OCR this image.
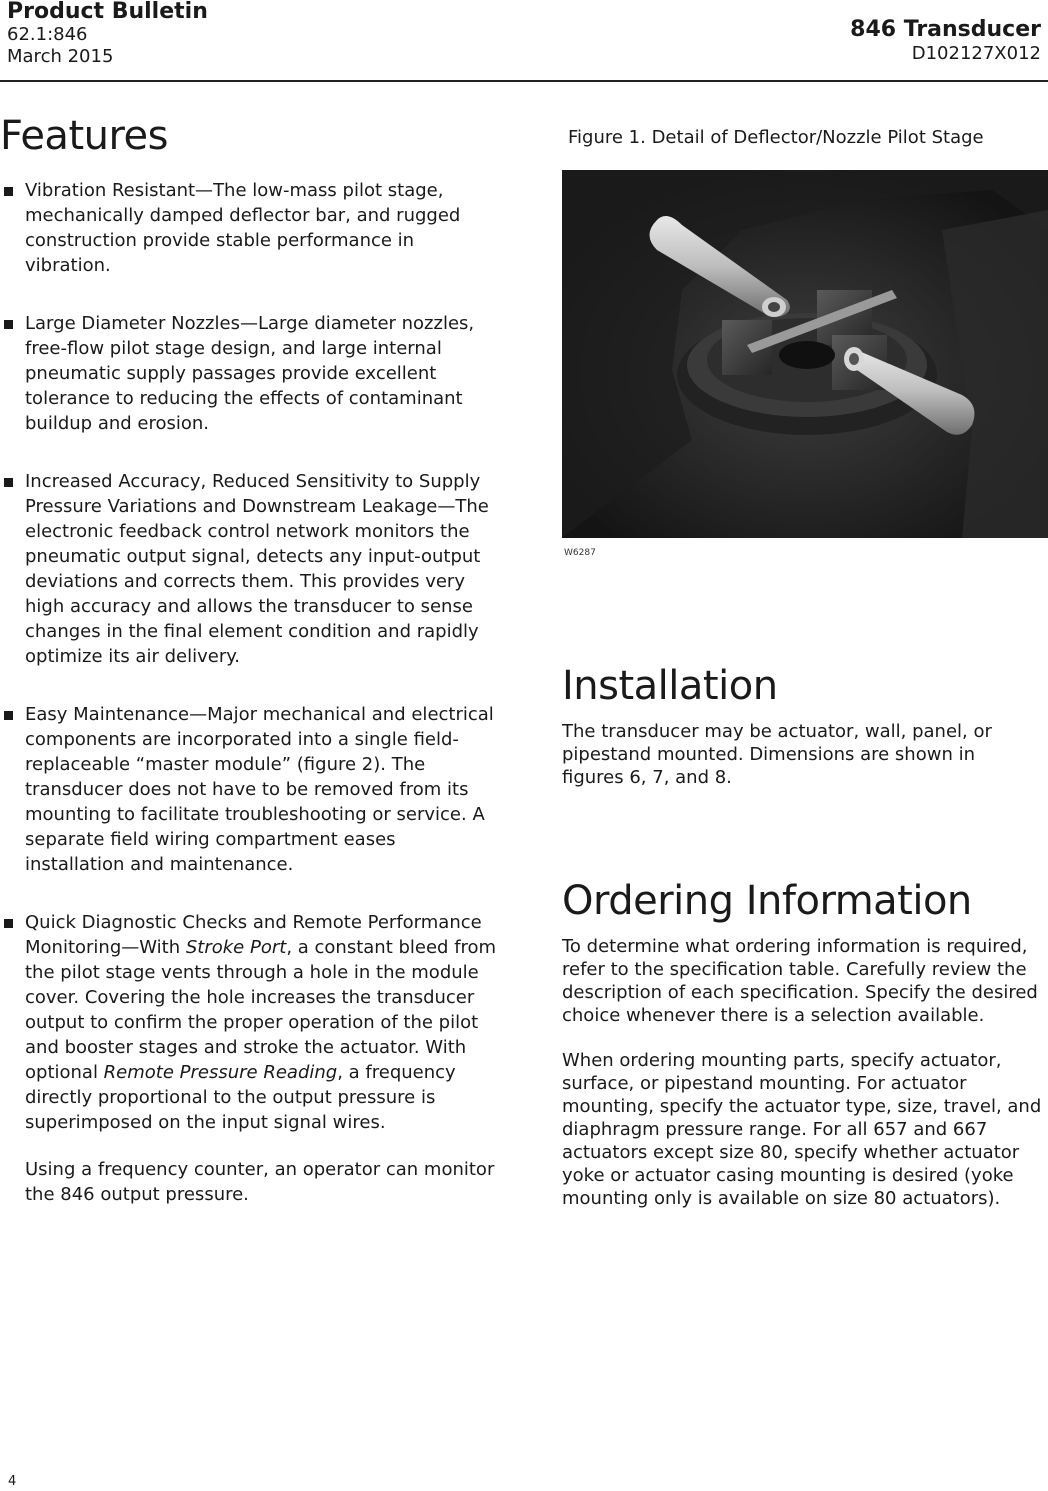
Product Bulletin
62.1:846
March 2015
846 Transducer
D102127X012
Features

Vibration Resistant—The low-mass pilot stage, mechanically damped deflector bar, and rugged construction provide stable performance in vibration.

Large Diameter Nozzles—Large diameter nozzles, free-flow pilot stage design, and large internal pneumatic supply passages provide excellent tolerance to reducing the effects of contaminant buildup and erosion.

Increased Accuracy, Reduced Sensitivity to Supply Pressure Variations and Downstream Leakage—The electronic feedback control network monitors the pneumatic output signal, detects any input-output deviations and corrects them. This provides very high accuracy and allows the transducer to sense changes in the final element condition and rapidly optimize its air delivery.

Easy Maintenance—Major mechanical and electrical components are incorporated into a single field-replaceable “master module” (figure 2). The transducer does not have to be removed from its mounting to facilitate troubleshooting or service. A separate field wiring compartment eases installation and maintenance.

Quick Diagnostic Checks and Remote Performance Monitoring—With Stroke Port, a constant bleed from the pilot stage vents through a hole in the module cover. Covering the hole increases the transducer output to confirm the proper operation of the pilot and booster stages and stroke the actuator. With optional Remote Pressure Reading, a frequency directly proportional to the output pressure is superimposed on the input signal wires.

Using a frequency counter, an operator can monitor the 846 output pressure.

Figure 1. Detail of Deflector/Nozzle Pilot Stage
W6287
Installation

The transducer may be actuator, wall, panel, or pipestand mounted. Dimensions are shown in figures 6, 7, and 8.

Ordering Information

To determine what ordering information is required, refer to the specification table. Carefully review the description of each specification. Specify the desired choice whenever there is a selection available.

When ordering mounting parts, specify actuator, surface, or pipestand mounting. For actuator mounting, specify the actuator type, size, travel, and diaphragm pressure range. For all 657 and 667 actuators except size 80, specify whether actuator yoke or actuator casing mounting is desired (yoke mounting only is available on size 80 actuators).

4
